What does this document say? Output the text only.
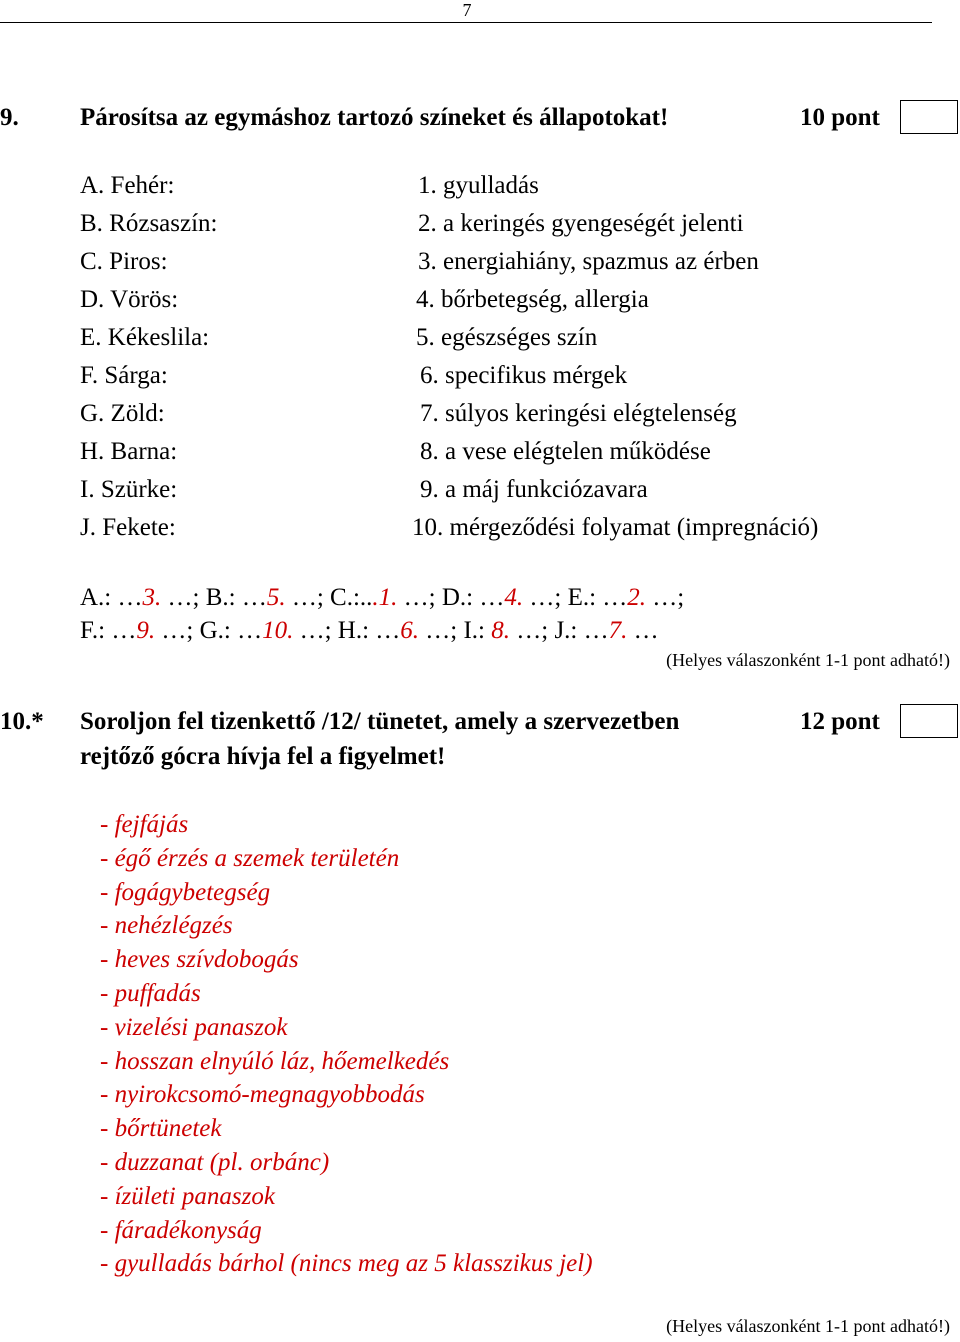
7
9. Párosítsa az egymáshoz tartozó színeket és állapotokat!	10 pont
A. Fehér:
B. Rózsaszín:
C. Piros:
D. Vörös:
E. Kékeslila:
F. Sárga:
G. Zöld:
H. Barna:
I. Szürke:
J. Fekete:
1. gyulladás
2. a keringés gyengeségét jelenti
3. energiahiány, spazmus az érben
4. bőrbetegség, allergia
5. egészséges szín
6. specifikus mérgek
7. súlyos keringési elégtelenség
8. a vese elégtelen működése
9. a máj funkciózavara
10. mérgeződési folyamat (impregnáció)
A.: …3. …; B.: …5. …; C.:...1. …; D.: …4. …; E.: …2. …;
F.: …9. …; G.: …10. …; H.: …6. …; I.: 8. …; J.: …7. …
(Helyes válaszonként 1-1 pont adható!)
10.* Soroljon fel tizenkettő /12/ tünetet, amely a szervezetben
rejtőző gócra hívja fel a figyelmet!
12 pont
- fejfájás
- égő érzés a szemek területén
- fogágybetegség
- nehézlégzés
- heves szívdobogás
- puffadás
- vizelési panaszok
- hosszan elnyúló láz, hőemelkedés
- nyirokcsomó-megnagyobbodás
- bőrtünetek
- duzzanat (pl. orbánc)
- ízületi panaszok
- fáradékonyság
- gyulladás bárhol (nincs meg az 5 klasszikus jel)
(Helyes válaszonként 1-1 pont adható!)
